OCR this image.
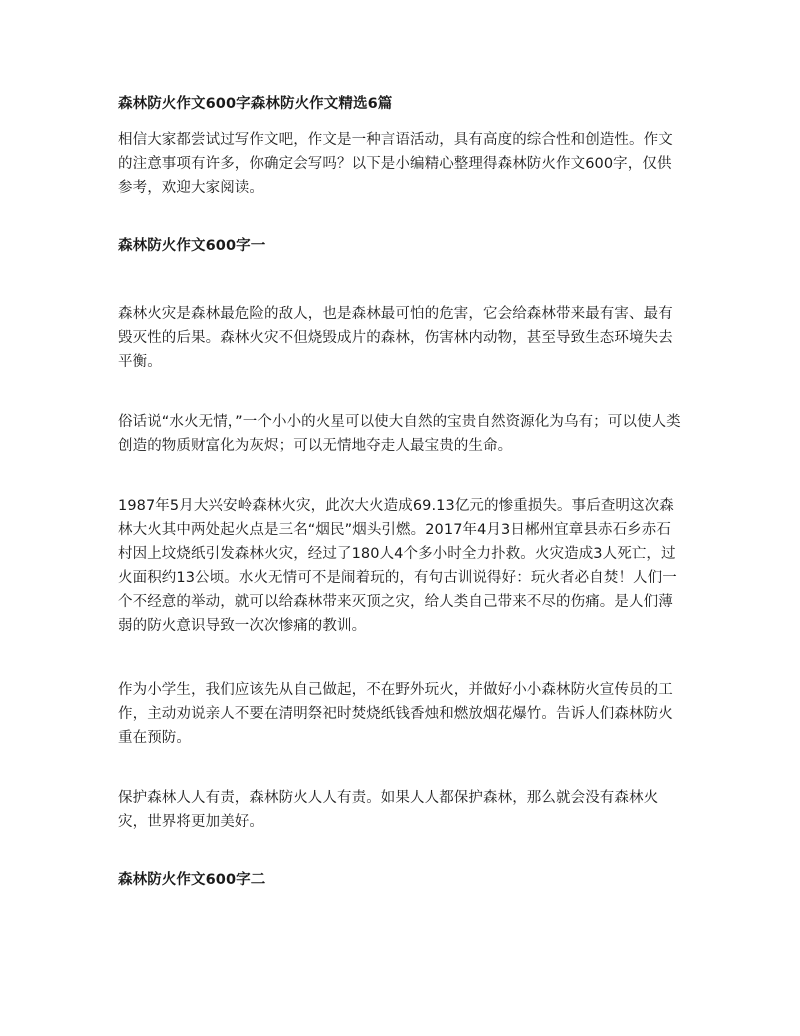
森林防火作文600字森林防火作文精选6篇

相信大家都尝试过写作文吧，作文是一种言语活动，具有高度的综合性和创造性。作文的注意事项有许多，你确定会写吗？以下是小编精心整理得森林防火作文600字，仅供参考，欢迎大家阅读。

森林防火作文600字一

森林火灾是森林最危险的敌人，也是森林最可怕的危害，它会给森林带来最有害、最有毁灭性的后果。森林火灾不但烧毁成片的森林，伤害林内动物，甚至导致生态环境失去平衡。

俗话说“水火无情，”一个小小的火星可以使大自然的宝贵自然资源化为乌有；可以使人类创造的物质财富化为灰烬；可以无情地夺走人最宝贵的生命。

1987年5月大兴安岭森林火灾，此次大火造成69.13亿元的惨重损失。事后查明这次森林大火其中两处起火点是三名“烟民”烟头引燃。2017年4月3日郴州宜章县赤石乡赤石村因上坟烧纸引发森林火灾，经过了180人4个多小时全力扑救。火灾造成3人死亡，过火面积约13公顷。水火无情可不是闹着玩的，有句古训说得好：玩火者必自焚！人们一个不经意的举动，就可以给森林带来灭顶之灾，给人类自己带来不尽的伤痛。是人们薄弱的防火意识导致一次次惨痛的教训。

作为小学生，我们应该先从自己做起，不在野外玩火，并做好小小森林防火宣传员的工作，主动劝说亲人不要在清明祭祀时焚烧纸钱香烛和燃放烟花爆竹。告诉人们森林防火重在预防。

保护森林人人有责，森林防火人人有责。如果人人都保护森林，那么就会没有森林火灾，世界将更加美好。

森林防火作文600字二
